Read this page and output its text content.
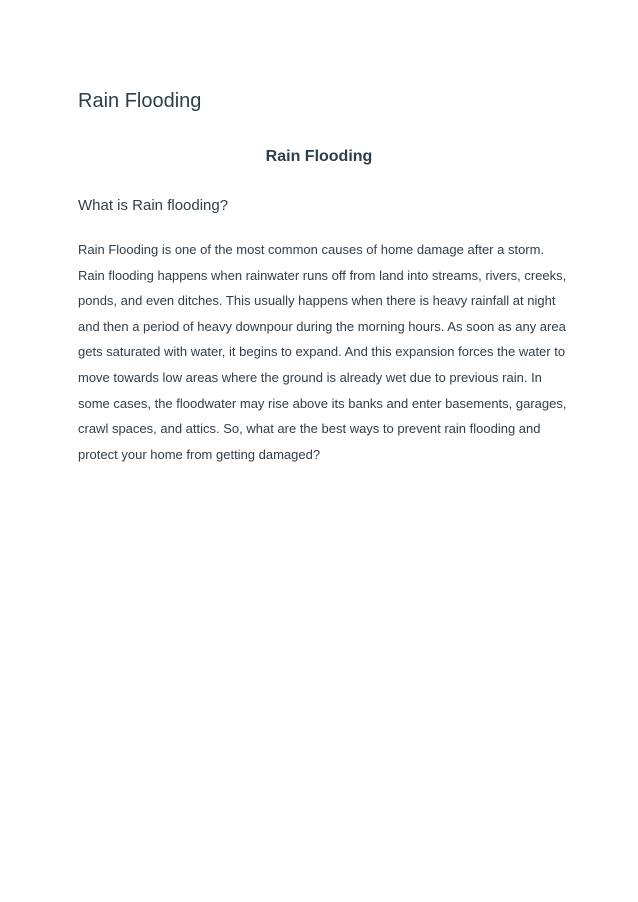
Rain Flooding
Rain Flooding
What is Rain flooding?

Rain Flooding is one of the most common causes of home damage after a storm.
Rain flooding happens when rainwater runs off from land into streams, rivers, creeks,
ponds, and even ditches. This usually happens when there is heavy rainfall at night
and then a period of heavy downpour during the morning hours. As soon as any area
gets saturated with water, it begins to expand. And this expansion forces the water to
move towards low areas where the ground is already wet due to previous rain. In
some cases, the floodwater may rise above its banks and enter basements, garages,
crawl spaces, and attics. So, what are the best ways to prevent rain flooding and
protect your home from getting damaged?
